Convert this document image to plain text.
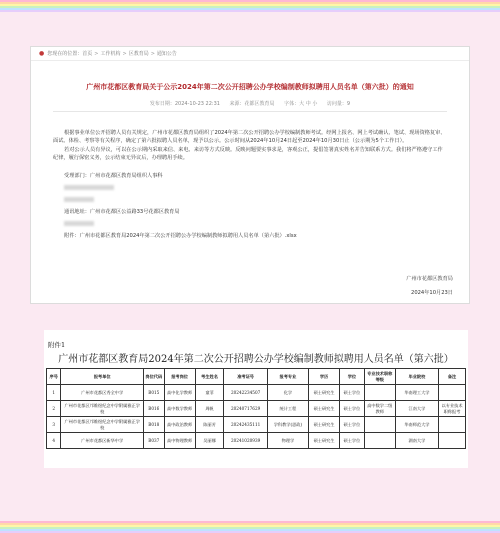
● 您现在的位置： 首页 > 工作机构 > 区教育局 > 通知公告
广州市花都区教育局关于公示2024年第二次公开招聘公办学校编制教师拟聘用人员名单（第六批）的通知
发布日期：2024-10-23 22:31 来源：花都区教育局 字体：大 中 小 访问量：9

根据事业单位公开招聘人员有关规定，广州市花都区教育局组织了2024年第二次公开招聘公办学校编制教师考试。经网上报名、网上考试确认、笔试、现场资格复审、面试、体检、考察等有关程序，确定了第六批拟聘人员名单，现予以公示。公示时间从2024年10月24日起至2024年10月30日止（公示期为5个工作日）。

若对公示人员有异议，可以在公示期内采取来信、来电、来访等方式反映。反映问题要实事求是，客观公正，提倡签署真实姓名并告知联系方式。我们将严格遵守工作纪律，履行保密义务，公示结束无异议后，办理聘用手续。

受理部门：广州市花都区教育局组织人事科
通讯地址：广州市花都区公益路33号花都区教育局
附件：广州市花都区教育局2024年第二次公开招聘公办学校编制教师拟聘用人员名单（第六批）.xlsx
广州市花都区教育局
2024年10月23日
附件1
广州市花都区教育局2024年第二次公开招聘公办学校编制教师拟聘用人员名单（第六批）
序号	报考单位	岗位代码	报考岗位	考生姓名	准考证号	报考专业	学历	学位	专业技术职称等级	毕业院校	备注
1	广州市花都区秀全中学	B015	高中化学教师	童菲	20242234507	化学	硕士研究生	硕士学位		华南理工大学	
2	广州市花都区邝维煜纪念中学附属雅正学校	B016	高中数学教师	周帆	20240717629	统计工程	硕士研究生	硕士学位	高中数学二级教师	江南大学	以专业技术职称报考
3	广州市花都区邝维煜纪念中学附属雅正学校	B018	高中政治教师	陈丽芳	20242435111	学科教学(思政)	硕士研究生	硕士学位		华南师范大学	
4	广州市花都区新华中学	B037	高中物理教师	吴丽娜	20241020939	物理学	硕士研究生	硕士学位		湖南大学	
